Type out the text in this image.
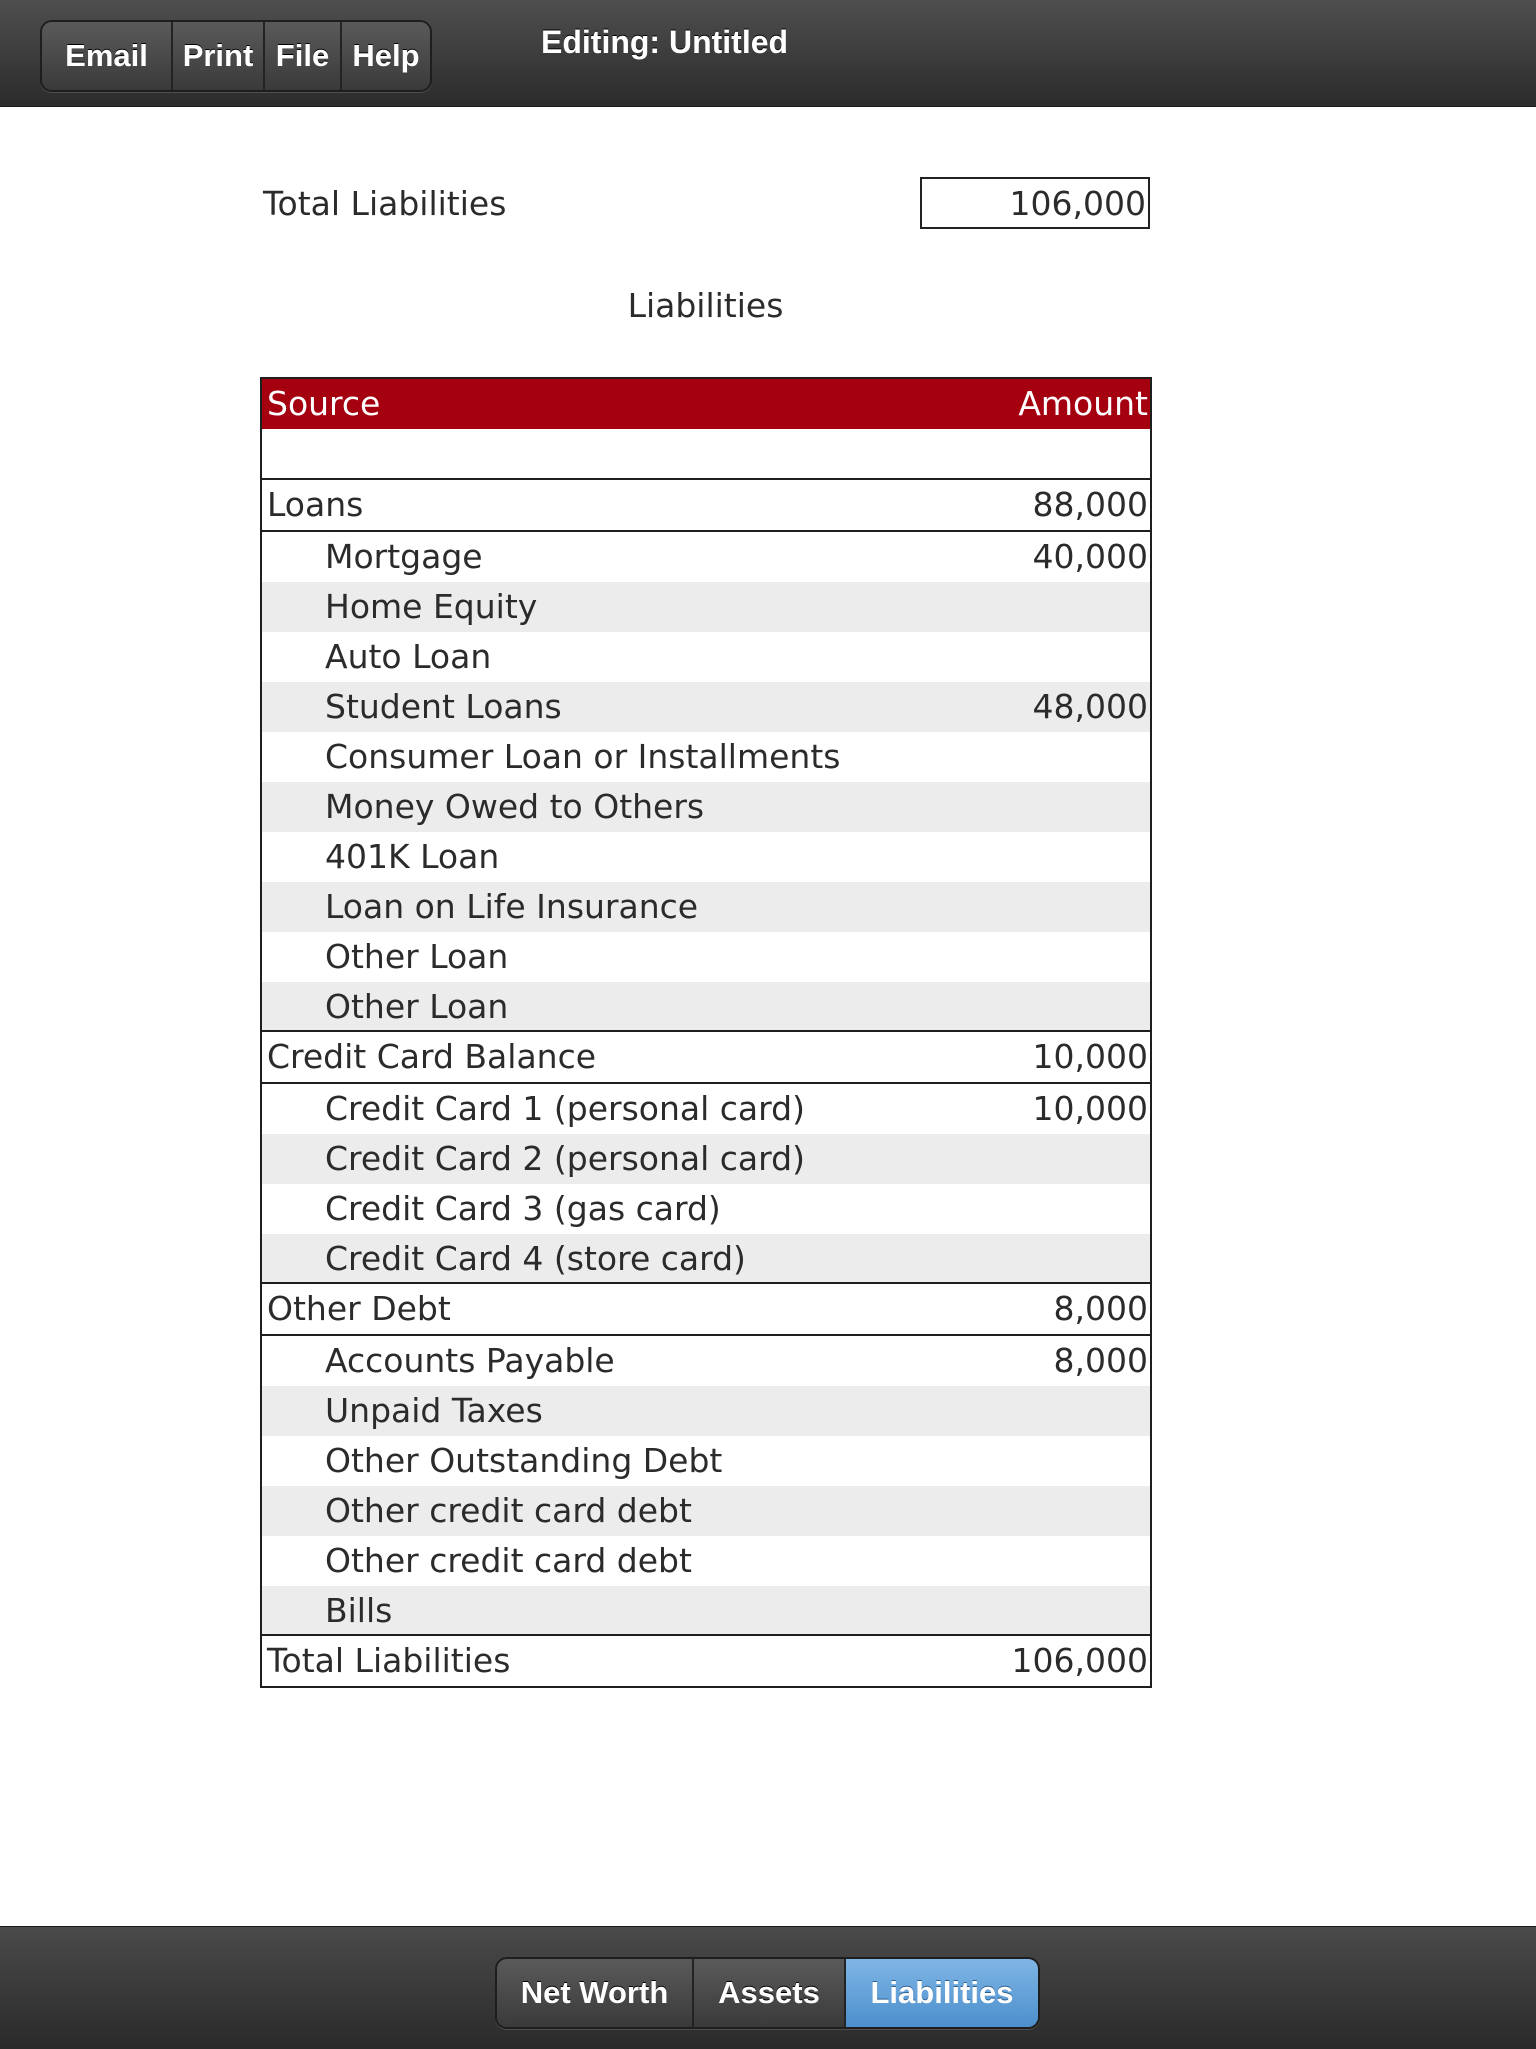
Email	Print File Help	Editing: Untitled
Total Liabilities	106,000
Liabilities
Source	Amount
Loans	88,000
Mortgage	40,000
Home Equity
Auto Loan
Student Loans	48,000
Consumer Loan or Installments
Money Owed to Others
401K Loan
Loan on Life Insurance
Other Loan
Other Loan
Credit Card Balance	10,000
Credit Card 1 (personal card)	10,000
Credit Card 2 (personal card)
Credit Card 3 (gas card)
Credit Card 4 (store card)
Other Debt	8,000
Accounts Payable	8,000
Unpaid Taxes
Other Outstanding Debt
Other credit card debt
Other credit card debt
Bills
Total Liabilities	106,000
Net Worth	Assets	Liabilities
